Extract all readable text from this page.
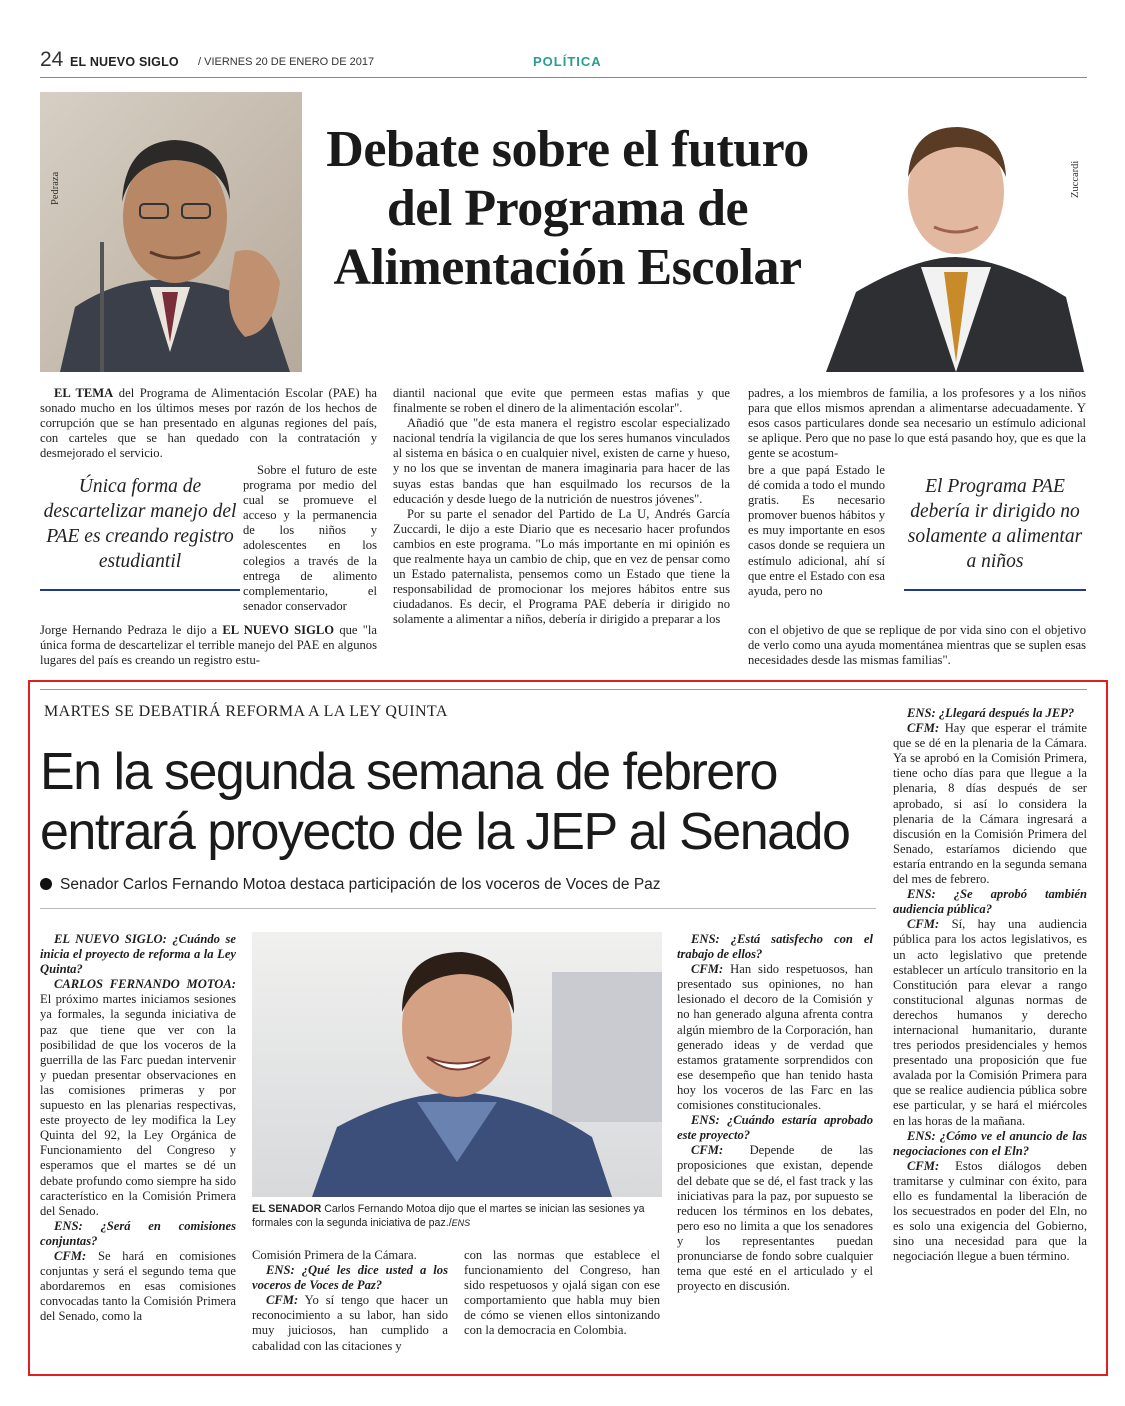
24 EL NUEVO SIGLO / VIERNES 20 DE ENERO DE 2017	POLÍTICA
Pedraza	Zuccardi
Debate sobre el futuro del Programa de Alimentación Escolar

EL TEMA del Programa de Alimentación Escolar (PAE) ha sonado mucho en los últimos meses por razón de los hechos de corrupción que se han presentado en algunas regiones del país, con carteles que se han quedado con la contratación y desmejorado el servicio.

Única forma de descartelizar manejo del PAE es creando registro estudiantil

Sobre el futuro de este programa por medio del cual se promueve el acceso y la permanencia de los niños y adolescentes en los colegios a través de la entrega de alimento complementario, el senador conservador

Jorge Hernando Pedraza le dijo a EL NUEVO SIGLO que "la única forma de descartelizar el terrible manejo del PAE en algunos lugares del país es creando un registro estu-

diantil nacional que evite que permeen estas mafias y que finalmente se roben el dinero de la alimentación escolar".

Añadió que "de esta manera el registro escolar especializado nacional tendría la vigilancia de que los seres humanos vinculados al sistema en básica o en cualquier nivel, existen de carne y hueso, y no los que se inventan de manera imaginaria para hacer de las suyas estas bandas que han esquilmado los recursos de la educación y desde luego de la nutrición de nuestros jóvenes".

Por su parte el senador del Partido de La U, Andrés García Zuccardi, le dijo a este Diario que es necesario hacer profundos cambios en este programa. "Lo más importante en mi opinión es que realmente haya un cambio de chip, que en vez de pensar como un Estado paternalista, pensemos como un Estado que tiene la responsabilidad de promocionar los mejores hábitos entre sus ciudadanos. Es decir, el Programa PAE debería ir dirigido no solamente a alimentar a niños, debería ir dirigido a preparar a los

padres, a los miembros de familia, a los profesores y a los niños para que ellos mismos aprendan a alimentarse adecuadamente. Y esos casos particulares donde sea necesario un estímulo adicional se aplique. Pero que no pase lo que está pasando hoy, que es que la gente se acostum-

bre a que papá Estado le dé comida a todo el mundo gratis. Es necesario promover buenos hábitos y es muy importante en esos casos donde se requiera un estímulo adicional, ahí sí que entre el Estado con esa ayuda, pero no

El Programa PAE debería ir dirigido no solamente a alimentar a niños

con el objetivo de que se replique de por vida sino con el objetivo de verlo como una ayuda momentánea mientras que se suplen esas necesidades desde las mismas familias".

MARTES SE DEBATIRÁ REFORMA A LA LEY QUINTA
En la segunda semana de febrero
entrará proyecto de la JEP al Senado
Senador Carlos Fernando Motoa destaca participación de los voceros de Voces de Paz
EL SENADOR Carlos Fernando Motoa dijo que el martes se inician las sesiones ya formales con la segunda iniciativa de paz./ENS

EL NUEVO SIGLO: ¿Cuándo se inicia el proyecto de reforma a la Ley Quinta?

CARLOS FERNANDO MOTOA: El próximo martes iniciamos sesiones ya formales, la segunda iniciativa de paz que tiene que ver con la posibilidad de que los voceros de la guerrilla de las Farc puedan intervenir y puedan presentar observaciones en las comisiones primeras y por supuesto en las plenarias respectivas, este proyecto de ley modifica la Ley Quinta del 92, la Ley Orgánica de Funcionamiento del Congreso y esperamos que el martes se dé un debate profundo como siempre ha sido característico en la Comisión Primera del Senado.

ENS: ¿Será en comisiones conjuntas?

CFM: Se hará en comisiones conjuntas y será el segundo tema que abordaremos en esas comisiones convocadas tanto la Comisión Primera del Senado, como la

Comisión Primera de la Cámara.

ENS: ¿Qué les dice usted a los voceros de Voces de Paz?

CFM: Yo sí tengo que hacer un reconocimiento a su labor, han sido muy juiciosos, han cumplido a cabalidad con las citaciones y

con las normas que establece el funcionamiento del Congreso, han sido respetuosos y ojalá sigan con ese comportamiento que habla muy bien de cómo se vienen ellos sintonizando con la democracia en Colombia.

ENS: ¿Está satisfecho con el trabajo de ellos?

CFM: Han sido respetuosos, han presentado sus opiniones, no han lesionado el decoro de la Comisión y no han generado alguna afrenta contra algún miembro de la Corporación, han generado ideas y de verdad que estamos gratamente sorprendidos con ese desempeño que han tenido hasta hoy los voceros de las Farc en las comisiones constitucionales.

ENS: ¿Cuándo estaría aprobado este proyecto?

CFM: Depende de las proposiciones que existan, depende del debate que se dé, el fast track y las iniciativas para la paz, por supuesto se reducen los términos en los debates, pero eso no limita a que los senadores y los representantes puedan pronunciarse de fondo sobre cualquier tema que esté en el articulado y el proyecto en discusión.

ENS: ¿Llegará después la JEP?

CFM: Hay que esperar el trámite que se dé en la plenaria de la Cámara. Ya se aprobó en la Comisión Primera, tiene ocho días para que llegue a la plenaria, 8 días después de ser aprobado, si así lo considera la plenaria de la Cámara ingresará a discusión en la Comisión Primera del Senado, estaríamos diciendo que estaría entrando en la segunda semana del mes de febrero.

ENS: ¿Se aprobó también audiencia pública?

CFM: Sí, hay una audiencia pública para los actos legislativos, es un acto legislativo que pretende establecer un artículo transitorio en la Constitución para elevar a rango constitucional algunas normas de derechos humanos y derecho internacional humanitario, durante tres periodos presidenciales y hemos presentado una proposición que fue avalada por la Comisión Primera para que se realice audiencia pública sobre ese particular, y se hará el miércoles en las horas de la mañana.

ENS: ¿Cómo ve el anuncio de las negociaciones con el Eln?

CFM: Estos diálogos deben tramitarse y culminar con éxito, para ello es fundamental la liberación de los secuestrados en poder del Eln, no es solo una exigencia del Gobierno, sino una necesidad para que la negociación llegue a buen término.
